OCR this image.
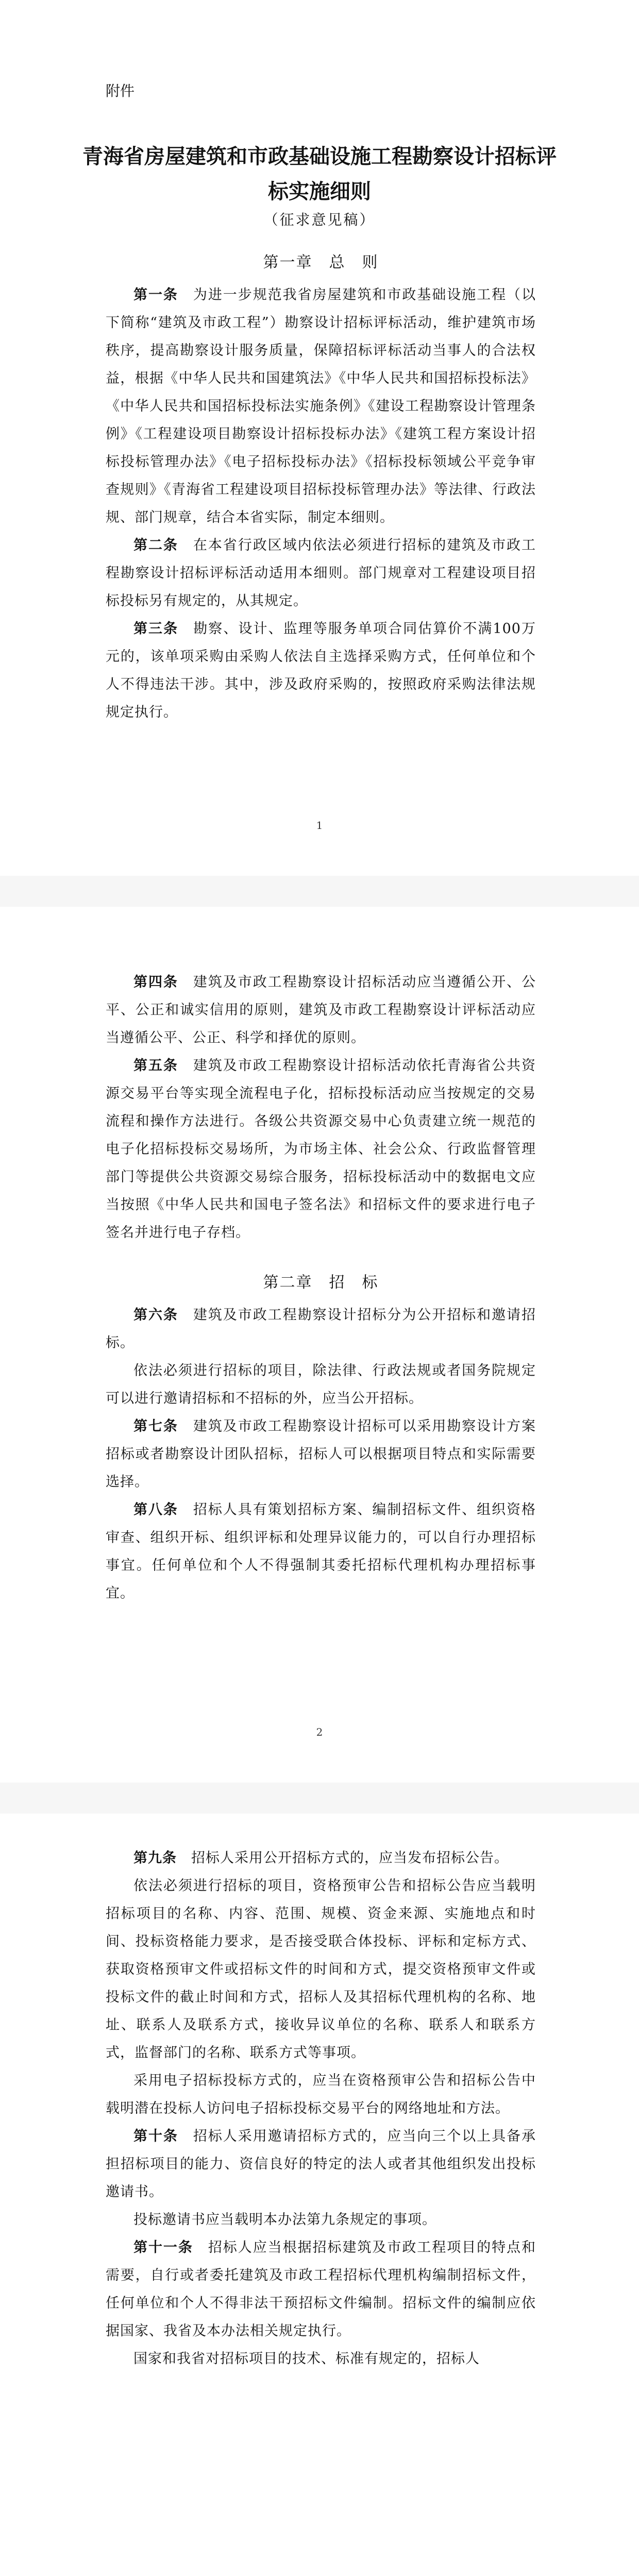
附件
青海省房屋建筑和市政基础设施工程勘察设计招标评标实施细则
（征求意见稿）
第一章　总　则

第一条　 为进一步规范我省房屋建筑和市政基础设施工程（以下简称“建筑及市政工程”）勘察设计招标评标活动，维护建筑市场秩序，提高勘察设计服务质量，保障招标评标活动当事人的合法权益，根据《中华人民共和国建筑法》《中华人民共和国招标投标法》《中华人民共和国招标投标法实施条例》《建设工程勘察设计管理条例》《工程建设项目勘察设计招标投标办法》《建筑工程方案设计招标投标管理办法》《电子招标投标办法》《招标投标领域公平竞争审查规则》《青海省工程建设项目招标投标管理办法》等法律、行政法规、部门规章，结合本省实际，制定本细则。

第二条　 在本省行政区域内依法必须进行招标的建筑及市政工程勘察设计招标评标活动适用本细则。部门规章对工程建设项目招标投标另有规定的，从其规定。

第三条　 勘察、设计、监理等服务单项合同估算价不满100万元的，该单项采购由采购人依法自主选择采购方式，任何单位和个人不得违法干涉。其中，涉及政府采购的，按照政府采购法律法规规定执行。

1

第四条　 建筑及市政工程勘察设计招标活动应当遵循公开、公平、公正和诚实信用的原则，建筑及市政工程勘察设计评标活动应当遵循公平、公正、科学和择优的原则。

第五条　 建筑及市政工程勘察设计招标活动依托青海省公共资源交易平台等实现全流程电子化，招标投标活动应当按规定的交易流程和操作方法进行。各级公共资源交易中心负责建立统一规范的电子化招标投标交易场所，为市场主体、社会公众、行政监督管理部门等提供公共资源交易综合服务，招标投标活动中的数据电文应当按照《中华人民共和国电子签名法》和招标文件的要求进行电子签名并进行电子存档。

第二章　招　标

第六条　 建筑及市政工程勘察设计招标分为公开招标和邀请招标。

依法必须进行招标的项目，除法律、行政法规或者国务院规定可以进行邀请招标和不招标的外，应当公开招标。

第七条　 建筑及市政工程勘察设计招标可以采用勘察设计方案招标或者勘察设计团队招标，招标人可以根据项目特点和实际需要选择。

第八条　 招标人具有策划招标方案、编制招标文件、组织资格审查、组织开标、组织评标和处理异议能力的，可以自行办理招标事宜。任何单位和个人不得强制其委托招标代理机构办理招标事宜。

2

第九条　 招标人采用公开招标方式的，应当发布招标公告。

依法必须进行招标的项目，资格预审公告和招标公告应当载明招标项目的名称、内容、范围、规模、资金来源、实施地点和时间、投标资格能力要求，是否接受联合体投标、评标和定标方式、获取资格预审文件或招标文件的时间和方式，提交资格预审文件或投标文件的截止时间和方式，招标人及其招标代理机构的名称、地址、联系人及联系方式，接收异议单位的名称、联系人和联系方式，监督部门的名称、联系方式等事项。

采用电子招标投标方式的，应当在资格预审公告和招标公告中载明潜在投标人访问电子招标投标交易平台的网络地址和方法。

第十条　 招标人采用邀请招标方式的，应当向三个以上具备承担招标项目的能力、资信良好的特定的法人或者其他组织发出投标邀请书。

投标邀请书应当载明本办法第九条规定的事项。

第十一条　 招标人应当根据招标建筑及市政工程项目的特点和需要，自行或者委托建筑及市政工程招标代理机构编制招标文件，任何单位和个人不得非法干预招标文件编制。招标文件的编制应依据国家、我省及本办法相关规定执行。

国家和我省对招标项目的技术、标准有规定的，招标人
